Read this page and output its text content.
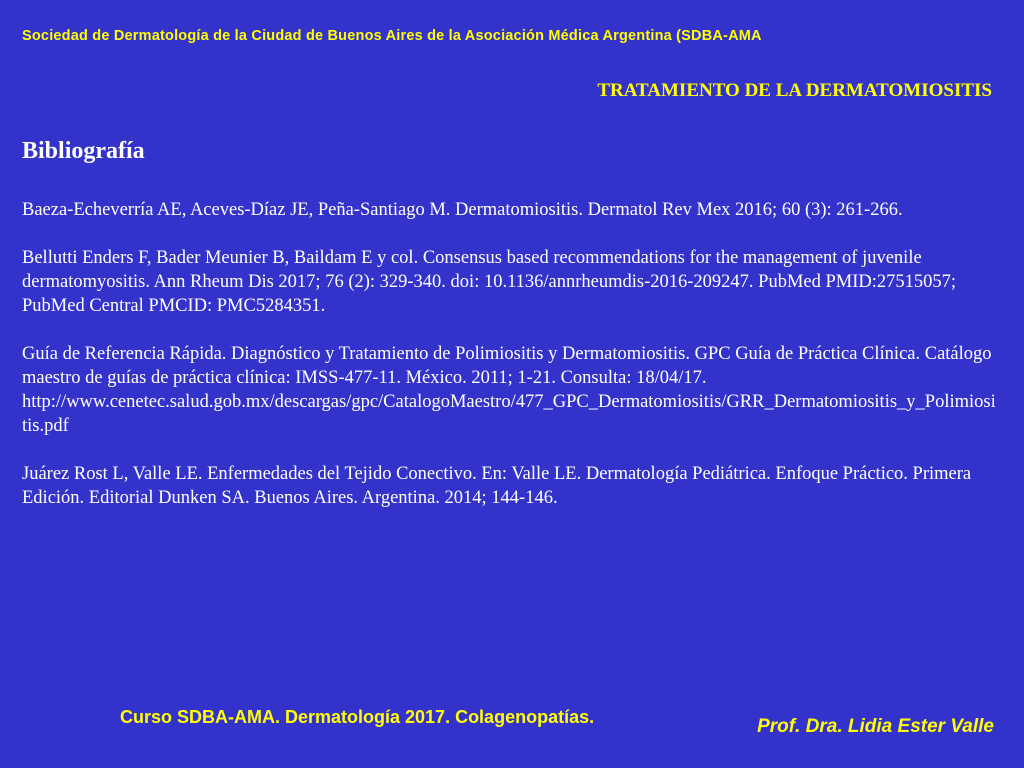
Sociedad de Dermatología de la Ciudad de Buenos Aires de la Asociación Médica Argentina (SDBA-AMA
TRATAMIENTO DE LA DERMATOMIOSITIS
Bibliografía

Baeza-Echeverría AE, Aceves-Díaz JE, Peña-Santiago M. Dermatomiositis. Dermatol Rev Mex 2016; 60 (3): 261-266.

Bellutti Enders F, Bader Meunier B, Baildam E y col. Consensus based recommendations for the management of juvenile dermatomyositis. Ann Rheum Dis 2017; 76 (2): 329-340. doi: 10.1136/annrheumdis-2016-209247. PubMed PMID:27515057; PubMed Central PMCID: PMC5284351.

Guía de Referencia Rápida. Diagnóstico y Tratamiento de Polimiositis y Dermatomiositis. GPC Guía de Práctica Clínica. Catálogo maestro de guías de práctica clínica: IMSS-477-11. México. 2011; 1-21. Consulta: 18/04/17.
http://www.cenetec.salud.gob.mx/descargas/gpc/CatalogoMaestro/477_GPC_Dermatomiositis/GRR_Dermatomiositis_y_Polimiositis.pdf

Juárez Rost L, Valle LE. Enfermedades del Tejido Conectivo. En: Valle LE. Dermatología Pediátrica. Enfoque Práctico. Primera Edición. Editorial Dunken SA. Buenos Aires. Argentina. 2014; 144-146.

Curso SDBA-AMA. Dermatología 2017. Colagenopatías.	Prof. Dra. Lidia Ester Valle
